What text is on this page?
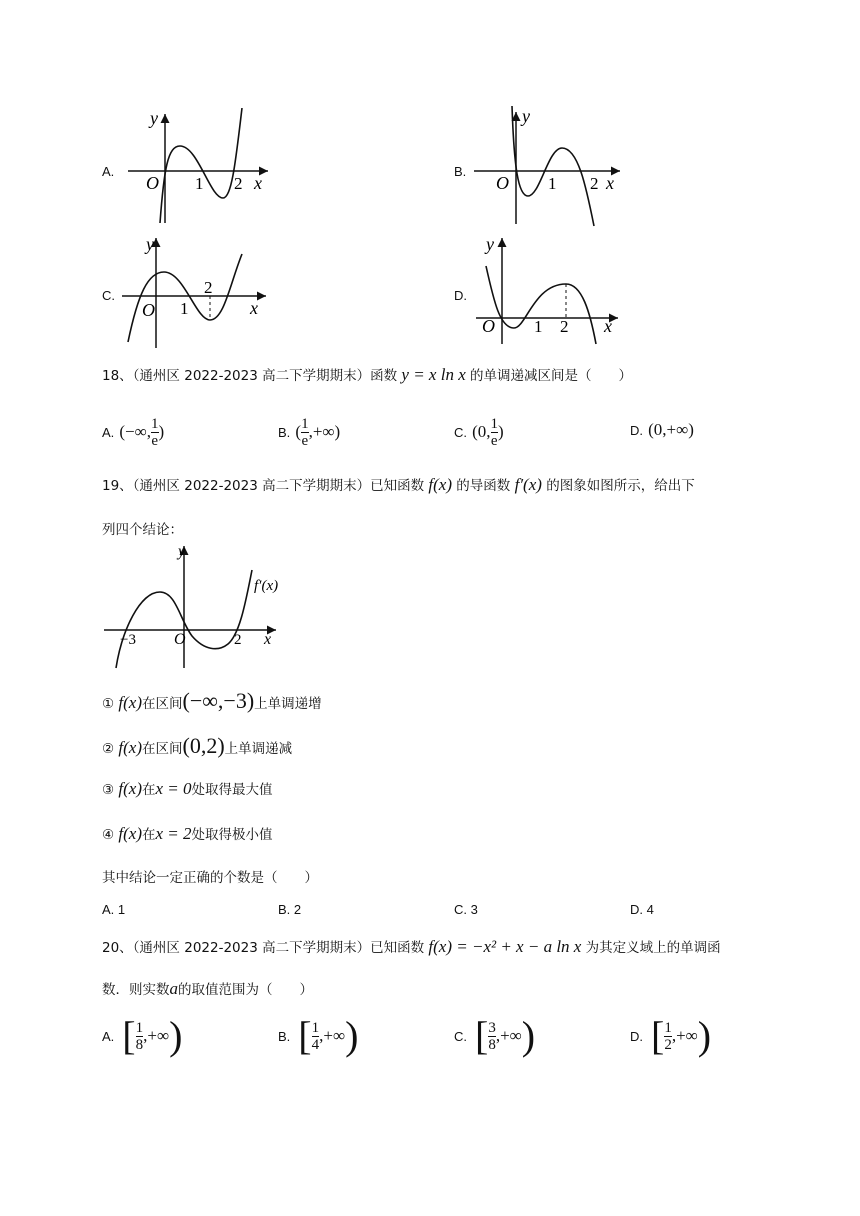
A.
y
O 1 2 x
B.
y
O 1 2 x
C.
y
O 1
2
x
D.
y
O 1 2 x
18、（通州区 2022-2023 高二下学期期末）函数 y = x ln x 的单调递减区间是（　　）
A. (−∞, $\frac{1}{e}$ )	B. ( $\frac{1}{e}$ ,+∞)	C. (0, $\frac{1}{e}$ )	D. (0,+∞)
19、（通州区 2022-2023 高二下学期期末）已知函数 f(x) 的导函数 f′(x) 的图象如图所示，给出下
列四个结论：
y
O
−3	2 x
f′(x)
① f(x)在区间(−∞,−3)上单调递增
② f(x)在区间(0,2)上单调递减
③ f(x)在x = 0处取得最大值
④ f(x)在x = 2处取得极小值
其中结论一定正确的个数是（　　）
A. 1	B. 2	C. 3	D. 4
20、（通州区 2022-2023 高二下学期期末）已知函数 f(x) = −x² + x − a ln x 为其定义域上的单调函
数．则实数a的取值范围为（　　）
A. [ $\frac{1}{8}$ ,+∞ )	B. [ $\frac{1}{4}$ ,+∞ )	C. [ $\frac{3}{8}$ ,+∞ )	D. [ $\frac{1}{2}$ ,+∞ )
